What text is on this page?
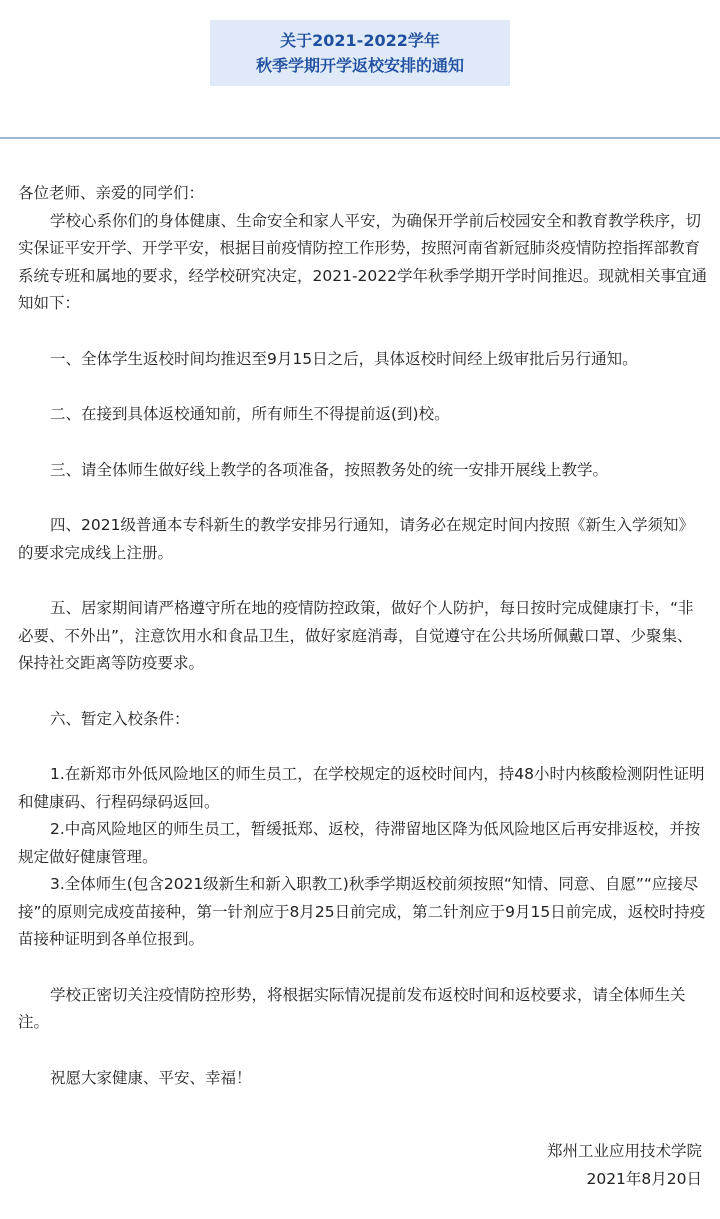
关于2021-2022学年
秋季学期开学返校安排的通知

各位老师、亲爱的同学们：

学校心系你们的身体健康、生命安全和家人平安，为确保开学前后校园安全和教育教学秩序，切实保证平安开学、开学平安，根据目前疫情防控工作形势，按照河南省新冠肺炎疫情防控指挥部教育系统专班和属地的要求，经学校研究决定，2021-2022学年秋季学期开学时间推迟。现就相关事宜通知如下：

一、全体学生返校时间均推迟至9月15日之后，具体返校时间经上级审批后另行通知。

二、在接到具体返校通知前，所有师生不得提前返(到)校。

三、请全体师生做好线上教学的各项准备，按照教务处的统一安排开展线上教学。

四、2021级普通本专科新生的教学安排另行通知，请务必在规定时间内按照《新生入学须知》的要求完成线上注册。

五、居家期间请严格遵守所在地的疫情防控政策，做好个人防护，每日按时完成健康打卡，“非必要、不外出”，注意饮用水和食品卫生，做好家庭消毒，自觉遵守在公共场所佩戴口罩、少聚集、保持社交距离等防疫要求。

六、暂定入校条件：

1.在新郑市外低风险地区的师生员工，在学校规定的返校时间内，持48小时内核酸检测阴性证明和健康码、行程码绿码返回。

2.中高风险地区的师生员工，暂缓抵郑、返校，待滞留地区降为低风险地区后再安排返校，并按规定做好健康管理。

3.全体师生(包含2021级新生和新入职教工)秋季学期返校前须按照“知情、同意、自愿”“应接尽接”的原则完成疫苗接种，第一针剂应于8月25日前完成，第二针剂应于9月15日前完成，返校时持疫苗接种证明到各单位报到。

学校正密切关注疫情防控形势，将根据实际情况提前发布返校时间和返校要求，请全体师生关注。

祝愿大家健康、平安、幸福！

郑州工业应用技术学院
2021年8月20日
